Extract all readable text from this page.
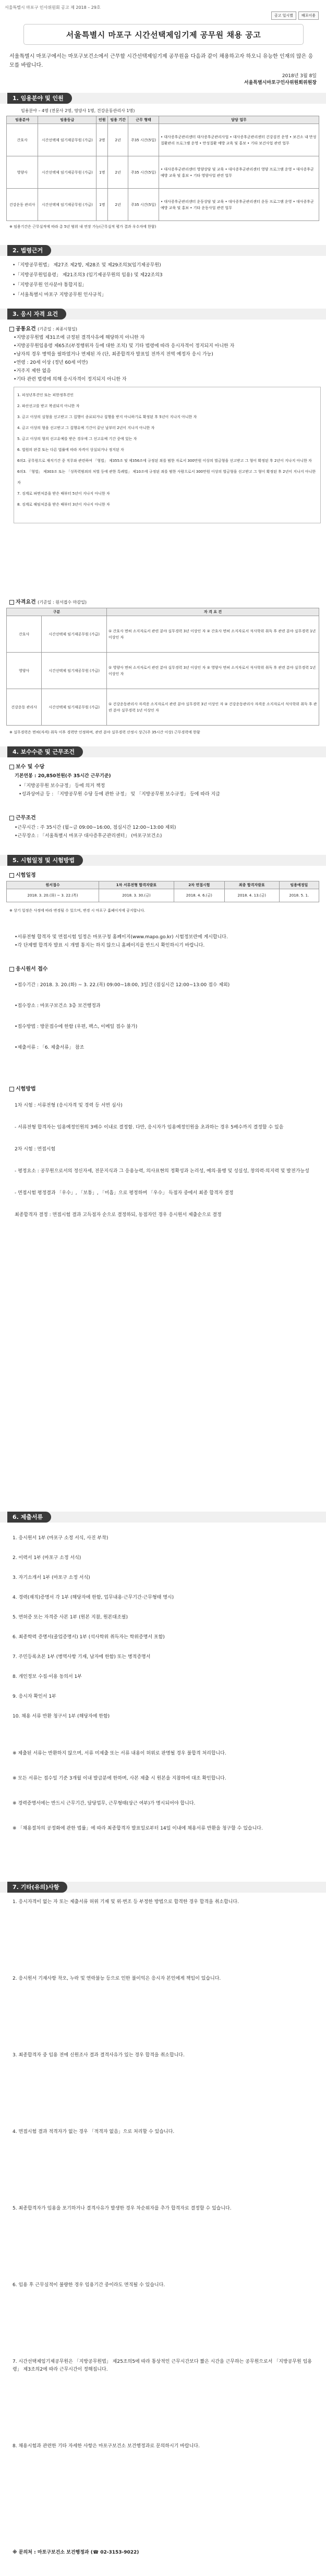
서울특별시 마포구 인사위원회 공고 제 2018 – 29호
공고 일시별	배포이용
서울특별시 마포구 시간선택제임기제 공무원 채용 공고
서울특별시 마포구에서는 마포구보건소에서 근무할 시간선택제임기제 공무원을 다음과 같이 채용하고자 하오니 유능한 인재의 많은 응모를 바랍니다.
2018년 3월 8일
서울특별시마포구인사위원회위원장
1. 임용분야 및 인원
임용분야 – 4명 (전문사 2명, 영양사 1명, 건강운동관리사 1명)
임용분야	임용등급	인원	임용 기간	근무 형태	담당 업무
간호사	시간선택제 임기제공무원 (가급)	2명	2년	주35 시간(5일)	• 대사증후군관리센터 대사증후군관리사업 • 대사증후군관리센터 건강검진 운영 • 보건소 내 만성질환관리 프로그램 운영 • 만성질환 예방 교육 및 홍보 • 기타 보건사업 관련 업무
영양사	시간선택제 임기제공무원 (가급)	1명	2년	주35 시간(5일)	• 대사증후군관리센터 영양상담 및 교육 • 대사증후군관리센터 영양 프로그램 운영 • 대사증후군 예방 교육 및 홍보 • 기타 영양사업 관련 업무
건강운동 관리사	시간선택제 임기제공무원 (가급)	1명	2년	주35 시간(5일)	• 대사증후군관리센터 운동상담 및 교육 • 대사증후군관리센터 운동 프로그램 운영 • 대사증후군 예방 교육 및 홍보 • 기타 운동사업 관련 업무
※ 임용기간은 근무실적에 따라 총 5년 범위 내 연장 가능(근무실적 평가 결과 우수자에 한함)
2. 법령근거
• 「지방공무원법」 제27조 제2항, 제28조 및 제29조의3(임기제공무원)
• 「지방공무원임용령」 제21조의3 (임기제공무원의 임용) 및 제22조의3
• 「지방공무원 인사분야 통합지침」
• 「서울특별시 마포구 지방공무원 인사규칙」
3. 응시 자격 요건
공통요건 (기준일 : 최종시험일)
• 지방공무원법 제31조에 규정된 결격사유에 해당하지 아니한 자
• 지방공무원임용령 제65조(부정행위자 등에 대한 조치) 및 기타 법령에 따라 응시자격이 정지되지 아니한 자
• 남자의 경우 병역을 필하였거나 면제된 자 (단, 최종합격자 발표일 전까지 전역 예정자 응시 가능)
• 연령 : 20세 이상 (정년 60세 미만)
• 거주지 제한 없음
• 기타 관련 법령에 의해 응시자격이 정지되지 아니한 자
1. 피성년후견인 또는 피한정후견인
2. 파산선고를 받고 복권되지 아니한 자
3. 금고 이상의 실형을 선고받고 그 집행이 종료되거나 집행을 받지 아니하기로 확정된 후 5년이 지나지 아니한 자
4. 금고 이상의 형을 선고받고 그 집행유예 기간이 끝난 날부터 2년이 지나지 아니한 자
5. 금고 이상의 형의 선고유예를 받은 경우에 그 선고유예 기간 중에 있는 자
6. 법원의 판결 또는 다른 법률에 따라 자격이 상실되거나 정지된 자
6의2. 공무원으로 재직기간 중 직무와 관련하여 「형법」 제355조 및 제356조에 규정된 죄를 범한 자로서 300만원 이상의 벌금형을 선고받고 그 형이 확정된 후 2년이 지나지 아니한 자
6의3. 「형법」 제303조 또는 「성폭력범죄의 처벌 등에 관한 특례법」 제10조에 규정된 죄를 범한 사람으로서 300만원 이상의 벌금형을 선고받고 그 형이 확정된 후 2년이 지나지 아니한 자
7. 징계로 파면처분을 받은 때부터 5년이 지나지 아니한 자
8. 징계로 해임처분을 받은 때부터 3년이 지나지 아니한 자
자격요건 (기준일 : 원서접수 마감일)
구분		자 격 요 건
간호사	시간선택제 임기제공무원 (가급)	① 간호사 면허 소지자로서 관련 분야 실무경력 3년 이상인 자 ② 간호사 면허 소지자로서 석사학위 취득 후 관련 분야 실무경력 1년 이상인 자
영양사	시간선택제 임기제공무원 (가급)	① 영양사 면허 소지자로서 관련 분야 실무경력 3년 이상인 자 ② 영양사 면허 소지자로서 석사학위 취득 후 관련 분야 실무경력 1년 이상인 자
건강운동 관리사	시간선택제 임기제공무원 (가급)	① 건강운동관리사 자격증 소지자로서 관련 분야 실무경력 3년 이상인 자 ② 건강운동관리사 자격증 소지자로서 석사학위 취득 후 관련 분야 실무경력 1년 이상인 자
※ 실무경력은 면허(자격) 취득 이후 경력만 인정하며, 관련 분야 실무경력 산정시 상근(주 35시간 이상) 근무경력에 한함
4. 보수수준 및 근무조건
보수 및 수당
기본연봉 : 20,850천원(주 35시간 근무기준)
• 「지방공무원 보수규정」 등에 의거 책정
• 성과상여금 등 : 「지방공무원 수당 등에 관한 규정」 및 「지방공무원 보수규정」 등에 따라 지급
근무조건
• 근무시간 : 주 35시간 (월~금 09:00~16:00, 점심시간 12:00~13:00 제외)
• 근무장소 : 「서울특별시 마포구 대사증후군관리센터」 (마포구보건소)
5. 시험일정 및 시험방법
시험일정
원서접수	1차 서류전형 합격자발표	2차 면접시험	최종 합격자발표	임용예정일
2018. 3. 20.(화) ~ 3. 22.(목)	2018. 3. 30.(금)	2018. 4. 6.(금)	2018. 4. 13.(금)	2018. 5. 1.
※ 상기 일정은 사정에 따라 변경될 수 있으며, 변경 시 마포구 홈페이지에 공지합니다.
• 서류전형 합격자 및 면접시험 일정은 마포구청 홈페이지(www.mapo.go.kr) 시험정보란에 게시합니다.
• 각 단계별 합격자 발표 시 개별 통지는 하지 않으니 홈페이지를 반드시 확인하시기 바랍니다.
응시원서 접수
• 접수기간 : 2018. 3. 20.(화) ~ 3. 22.(목) 09:00~18:00, 3일간 (점심시간 12:00~13:00 접수 제외)
• 접수장소 : 마포구보건소 3층 보건행정과
• 접수방법 : 방문접수에 한함 (우편, 팩스, 이메일 접수 불가)
• 제출서류 : 「6. 제출서류」 참조
시험방법
1차 시험 : 서류전형 (응시자격 및 경력 등 서면 심사)
- 서류전형 합격자는 임용예정인원의 3배수 이내로 결정함. 다만, 응시자가 임용예정인원을 초과하는 경우 5배수까지 결정할 수 있음
2차 시험 : 면접시험
- 평정요소 : 공무원으로서의 정신자세, 전문지식과 그 응용능력, 의사표현의 정확성과 논리성, 예의·품행 및 성실성, 창의력·의지력 및 발전가능성
- 면접시험 평정결과 「우수」, 「보통」, 「미흡」으로 평정하며 「우수」 득점자 중에서 최종 합격자 결정
최종합격자 결정 : 면접시험 결과 고득점자 순으로 결정하되, 동점자인 경우 응시원서 제출순으로 결정
6. 제출서류
1. 응시원서 1부 (마포구 소정 서식, 사진 부착)
2. 이력서 1부 (마포구 소정 서식)
3. 자기소개서 1부 (마포구 소정 서식)
4. 경력(재직)증명서 각 1부 (해당자에 한함, 업무내용·근무기간·근무형태 명시)
5. 면허증 또는 자격증 사본 1부 (원본 지참, 원본대조필)
6. 최종학력 증명서(졸업증명서) 1부 (석사학위 취득자는 학위증명서 포함)
7. 주민등록초본 1부 (병역사항 기재, 남자에 한함) 또는 병적증명서
8. 개인정보 수집·이용 동의서 1부
9. 응시자 확인서 1부
10. 채용 서류 반환 청구서 1부 (해당자에 한함)
※ 제출된 서류는 반환하지 않으며, 서류 미제출 또는 서류 내용이 허위로 판명될 경우 불합격 처리합니다.
※ 모든 서류는 접수일 기준 3개월 이내 발급분에 한하며, 사본 제출 시 원본을 지참하여 대조 확인합니다.
※ 경력증명서에는 반드시 근무기간, 담당업무, 근무형태(상근 여부)가 명시되어야 합니다.
※ 「채용절차의 공정화에 관한 법률」에 따라 최종합격자 발표일로부터 14일 이내에 채용서류 반환을 청구할 수 있습니다.
7. 기타(유의)사항
1. 응시자격이 없는 자 또는 제출서류 허위 기재 및 위·변조 등 부정한 방법으로 합격한 경우 합격을 취소합니다.
2. 응시원서 기재사항 착오, 누락 및 연락불능 등으로 인한 불이익은 응시자 본인에게 책임이 있습니다.
3. 최종합격자 중 임용 전에 신원조사 결과 결격사유가 있는 경우 합격을 취소합니다.
4. 면접시험 결과 적격자가 없는 경우 「적격자 없음」으로 처리할 수 있습니다.
5. 최종합격자가 임용을 포기하거나 결격사유가 발생한 경우 차순위자를 추가 합격자로 결정할 수 있습니다.
6. 임용 후 근무실적이 불량한 경우 임용기간 중이라도 면직될 수 있습니다.
7. 시간선택제임기제공무원은 「지방공무원법」 제25조의5에 따라 통상적인 근무시간보다 짧은 시간을 근무하는 공무원으로서 「지방공무원 임용령」 제3조의2에 따라 근무시간이 정해집니다.
8. 채용시험과 관련한 기타 자세한 사항은 마포구보건소 보건행정과로 문의하시기 바랍니다.
※ 문의처 : 마포구보건소 보건행정과 (☎ 02-3153-9022)
